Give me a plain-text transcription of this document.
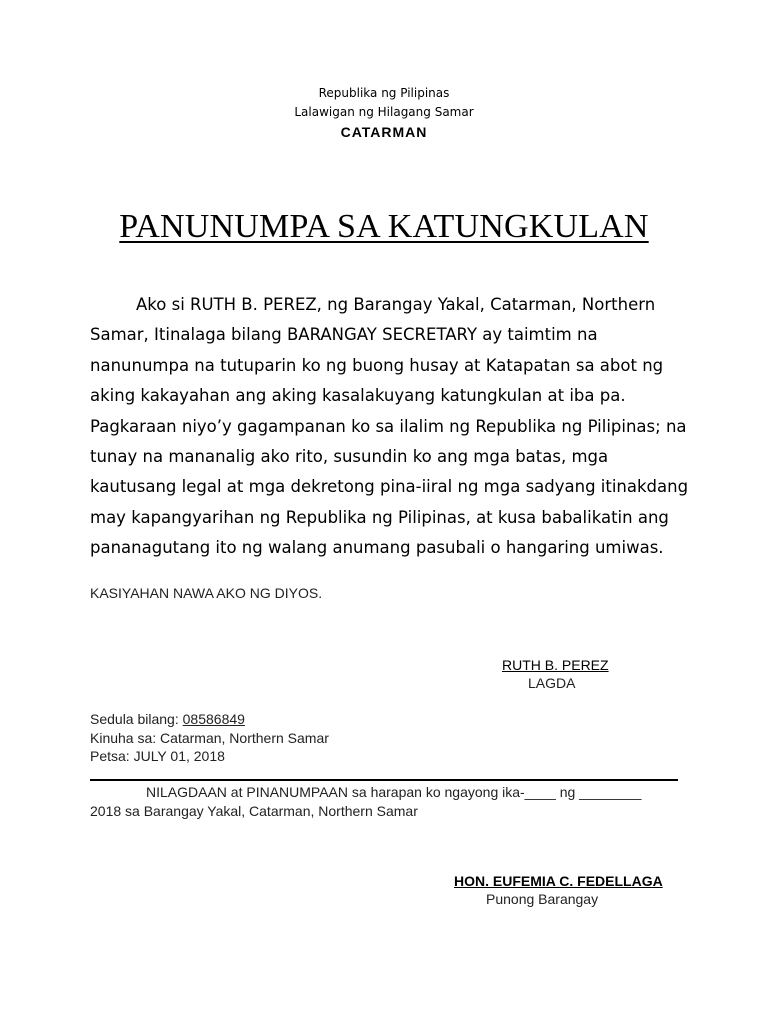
Republika ng Pilipinas
Lalawigan ng Hilagang Samar
CATARMAN
PANUNUMPA SA KATUNGKULAN
Ako si RUTH B. PEREZ, ng Barangay Yakal, Catarman, Northern Samar, Itinalaga bilang BARANGAY SECRETARY ay taimtim na nanunumpa na tutuparin ko ng buong husay at Katapatan sa abot ng aking kakayahan ang aking kasalakuyang katungkulan at iba pa. Pagkaraan niyo’y gagampanan ko sa ilalim ng Republika ng Pilipinas; na tunay na mananalig ako rito, susundin ko ang mga batas, mga kautusang legal at mga dekretong pina-iiral ng mga sadyang itinakdang may kapangyarihan ng Republika ng Pilipinas, at kusa babalikatin ang pananagutang ito ng walang anumang pasubali o hangaring umiwas.
KASIYAHAN NAWA AKO NG DIYOS.
RUTH B. PEREZ
LAGDA
Sedula bilang: 08586849
Kinuha sa: Catarman, Northern Samar
Petsa: JULY 01, 2018
NILAGDAAN at PINANUMPAAN sa harapan ko ngayong ika-____ ng ________
2018 sa Barangay Yakal, Catarman, Northern Samar
HON. EUFEMIA C. FEDELLAGA
Punong Barangay
